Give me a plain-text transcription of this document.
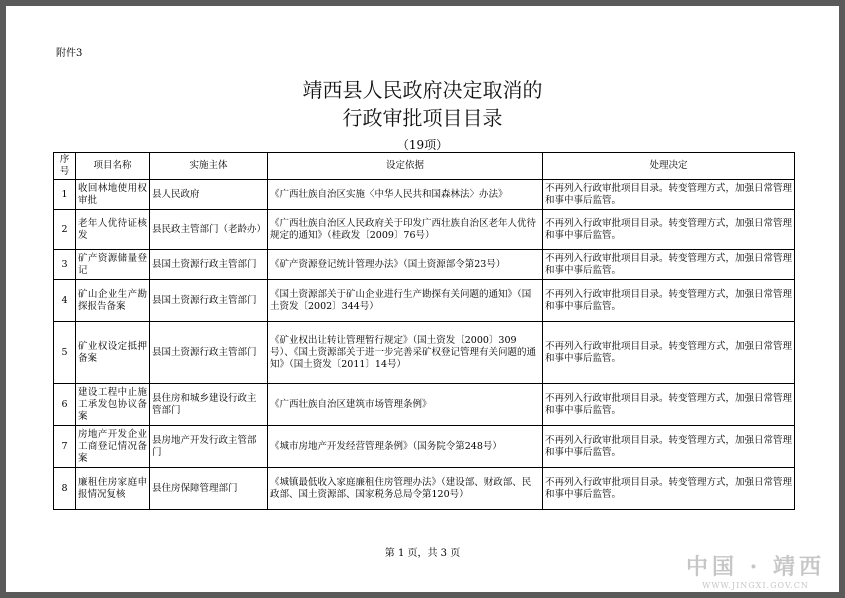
附件3
靖西县人民政府决定取消的
行政审批项目目录
（19项）
序号	项目名称	实施主体	设定依据	处理决定
1	收回林地使用权审批	县人民政府	《广西壮族自治区实施〈中华人民共和国森林法〉办法》	不再列入行政审批项目目录。转变管理方式，加强日常管理和事中事后监管。
2	老年人优待证核发	县民政主管部门（老龄办）	《广西壮族自治区人民政府关于印发广西壮族自治区老年人优待规定的通知》（桂政发〔2009〕76号）	不再列入行政审批项目目录。转变管理方式，加强日常管理和事中事后监管。
3	矿产资源储量登记	县国土资源行政主管部门	《矿产资源登记统计管理办法》（国土资源部令第23号）	不再列入行政审批项目目录。转变管理方式，加强日常管理和事中事后监管。
4	矿山企业生产勘探报告备案	县国土资源行政主管部门	《国土资源部关于矿山企业进行生产勘探有关问题的通知》（国土资发〔2002〕344号）	不再列入行政审批项目目录。转变管理方式，加强日常管理和事中事后监管。
5	矿业权设定抵押备案	县国土资源行政主管部门	《矿业权出让转让管理暂行规定》（国土资发〔2000〕309号）、《国土资源部关于进一步完善采矿权登记管理有关问题的通知》（国土资发〔2011〕14号）	不再列入行政审批项目目录。转变管理方式，加强日常管理和事中事后监管。
6	建设工程中止施工承发包协议备案	县住房和城乡建设行政主管部门	《广西壮族自治区建筑市场管理条例》	不再列入行政审批项目目录。转变管理方式，加强日常管理和事中事后监管。
7	房地产开发企业工商登记情况备案	县房地产开发行政主管部门	《城市房地产开发经营管理条例》（国务院令第248号）	不再列入行政审批项目目录。转变管理方式，加强日常管理和事中事后监管。
8	廉租住房家庭申报情况复核	县住房保障管理部门	《城镇最低收入家庭廉租住房管理办法》（建设部、财政部、民政部、国土资源部、国家税务总局令第120号）	不再列入行政审批项目目录。转变管理方式，加强日常管理和事中事后监管。
第 1 页，共 3 页
中国 · 靖西
WWW.JINGXI.GOV.CN
